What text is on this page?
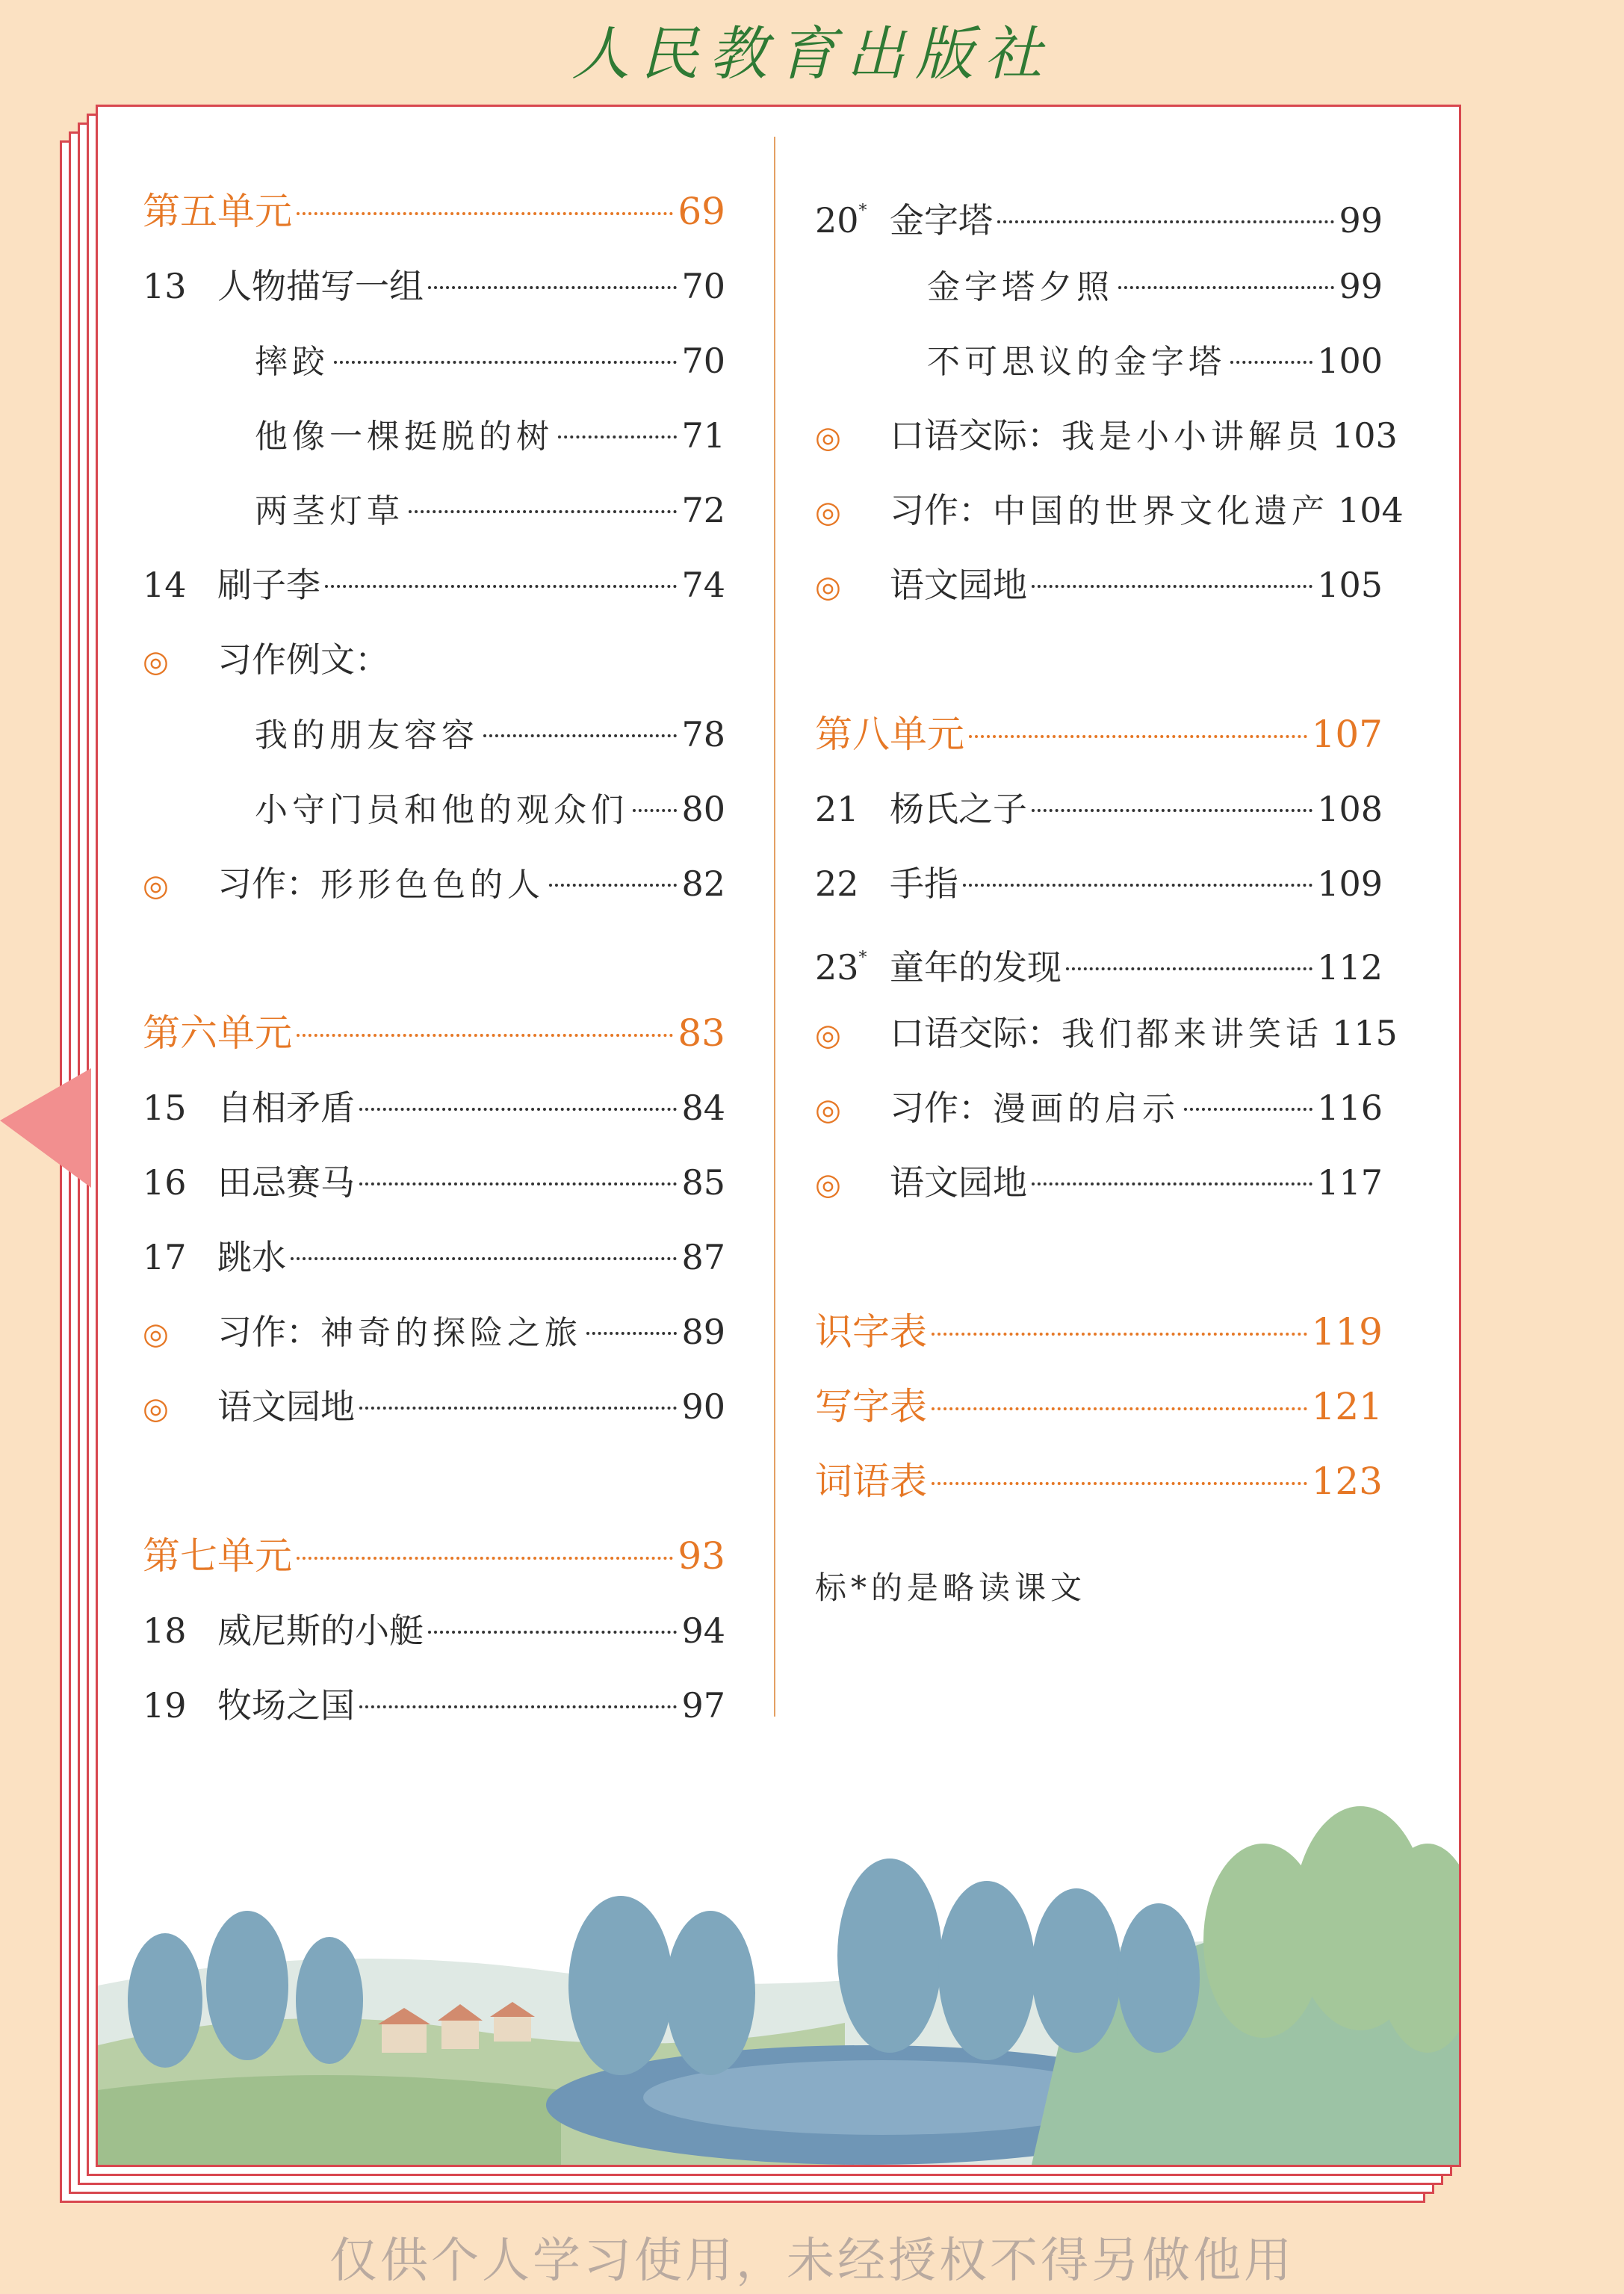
人民教育出版社
第五单元	69
13 人物描写一组	70
摔跤	70
他像一棵挺脱的树	71
两茎灯草	72
14 刷子李	74
◎	习作例文：
我的朋友容容	78
小守门员和他的观众们 80
◎	习作：形形色色的人	82
第六单元	83
15 自相矛盾	84
16 田忌赛马	85
17 跳水	87
◎	习作：神奇的探险之旅	89
◎	语文园地	90
第七单元	93
18 威尼斯的小艇	94
19 牧场之国	97
20* 金字塔	99
金字塔夕照	99
不可思议的金字塔	100
◎	口语交际：我是小小讲解员 103
◎	习作：中国的世界文化遗产 104
◎	语文园地	105
第八单元	107
21 杨氏之子	108
22 手指	109
23* 童年的发现	112
◎	口语交际：我们都来讲笑话 115
◎	习作：漫画的启示	116
◎	语文园地	117
识字表	119
写字表	121
词语表	123
标*的是略读课文
仅供个人学习使用，未经授权不得另做他用
